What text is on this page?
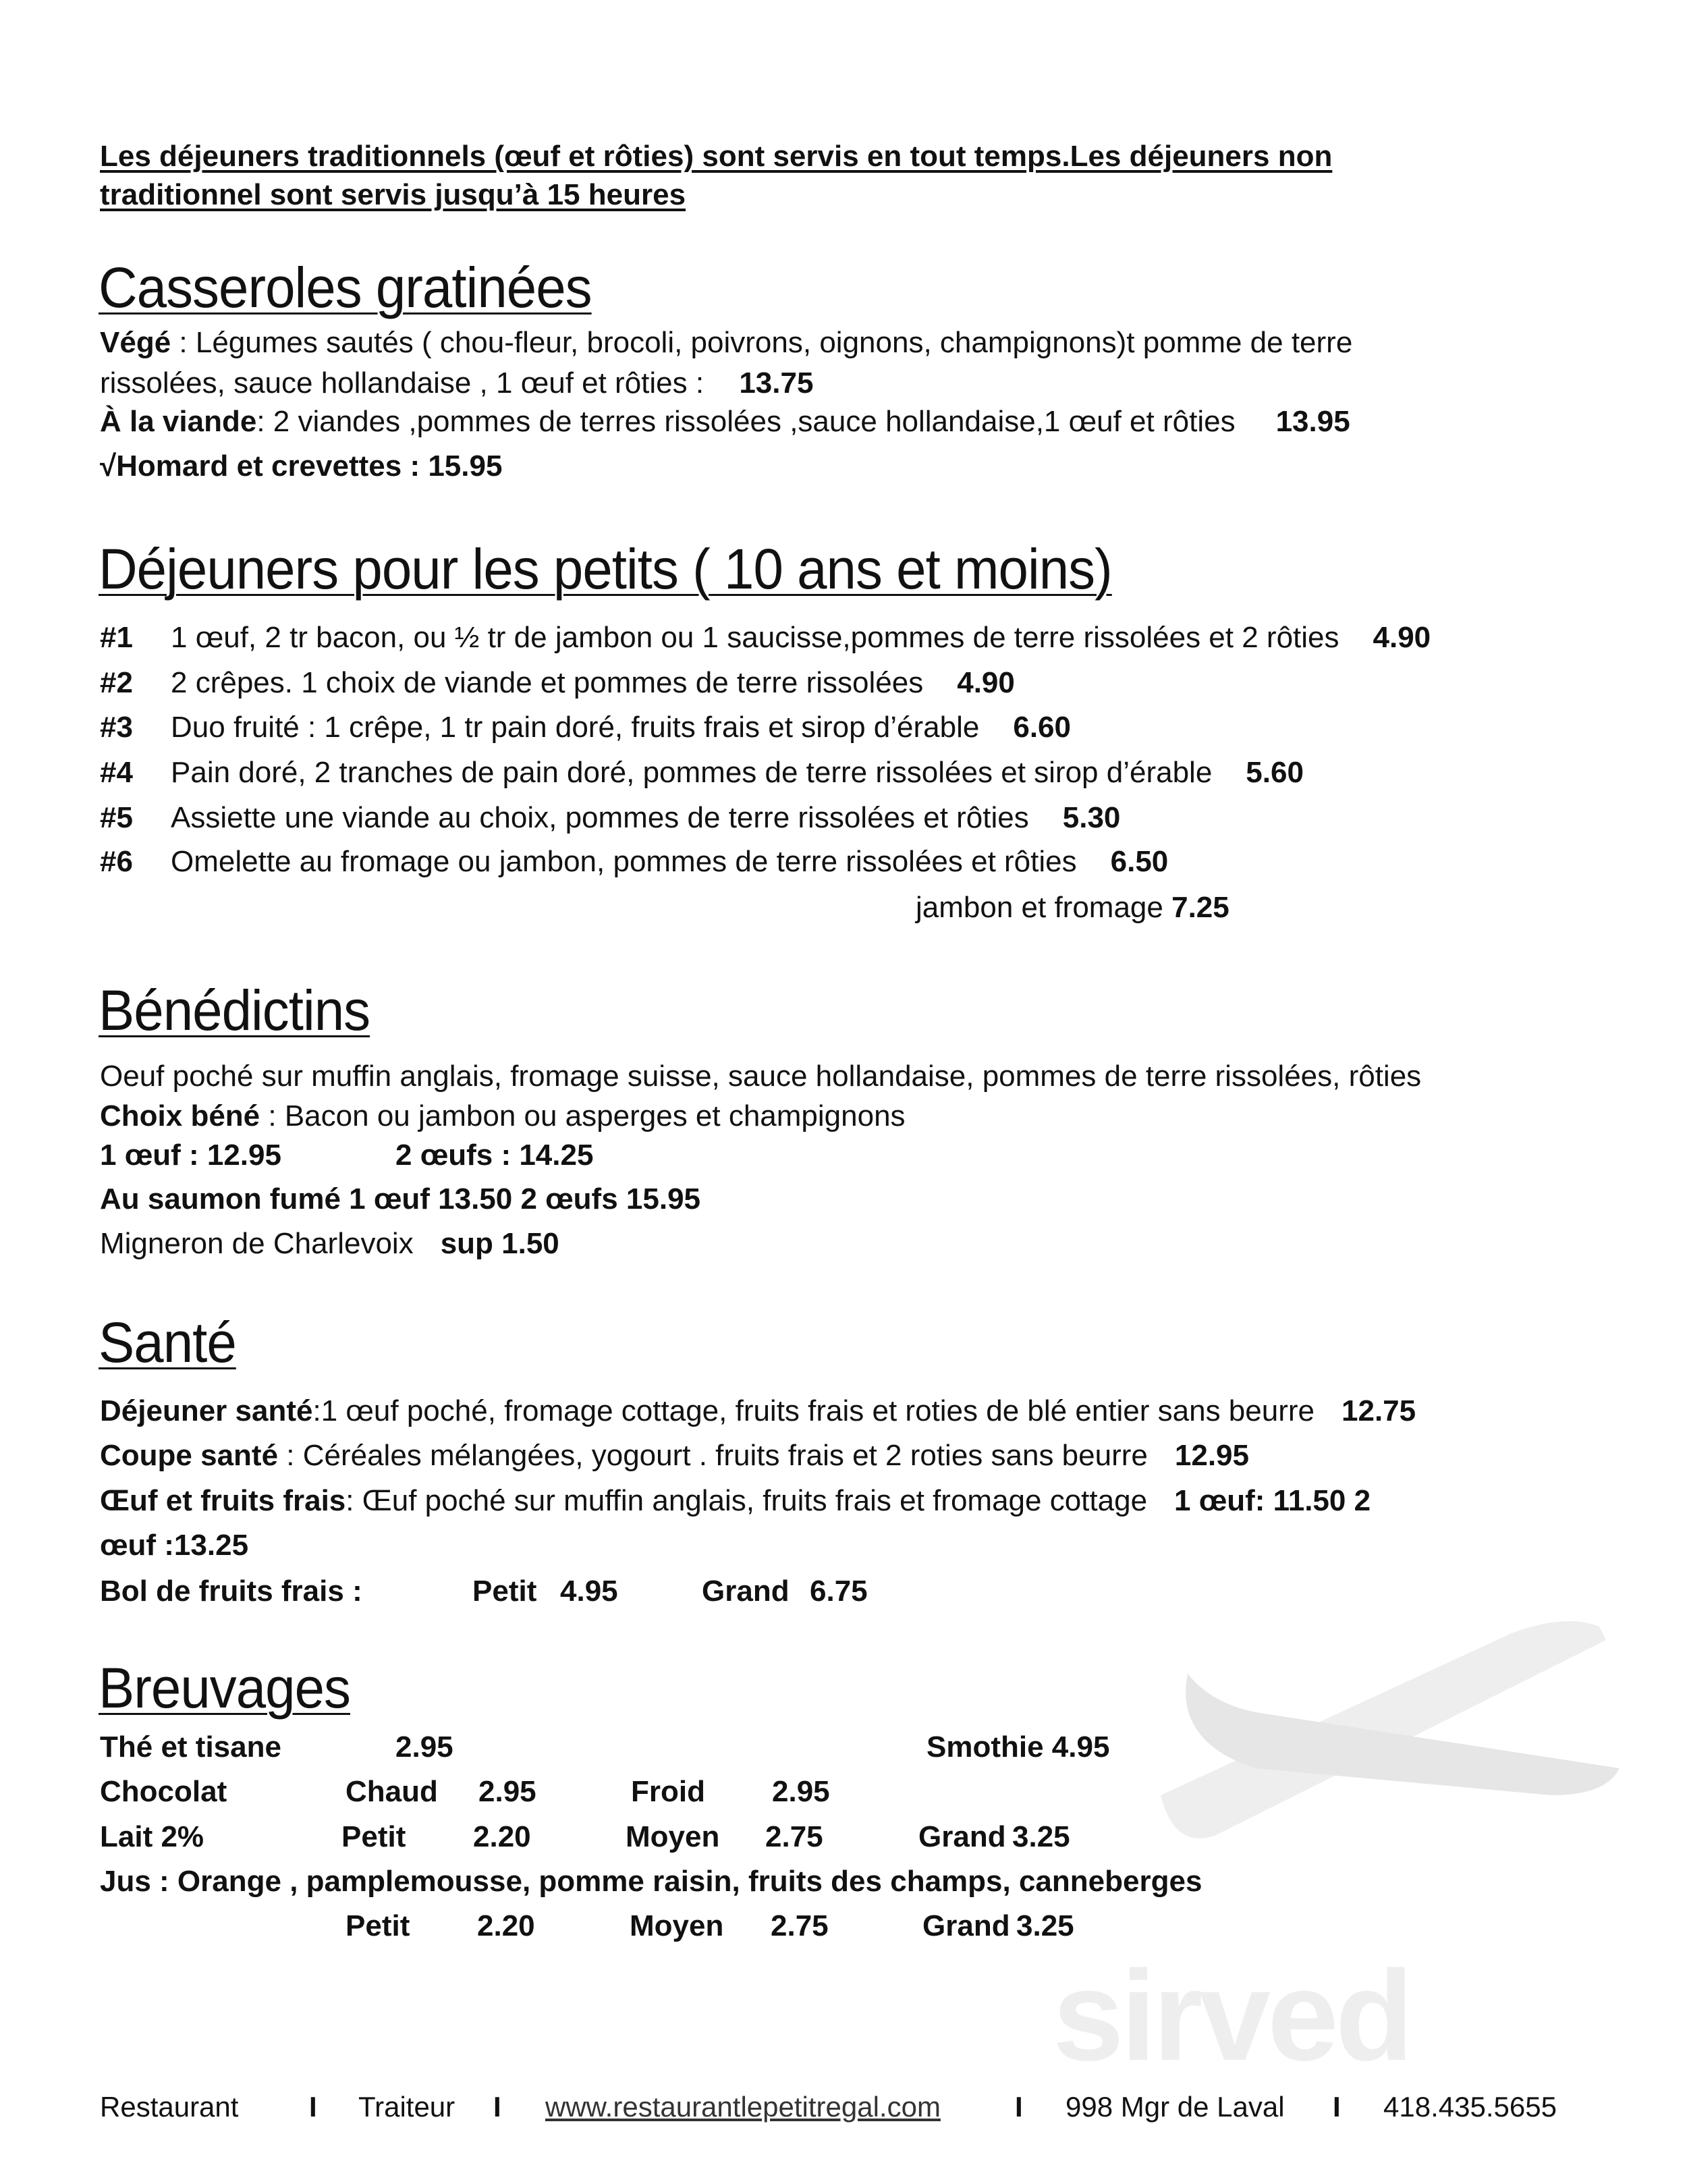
sirved
Les déjeuners traditionnels (œuf et rôties) sont servis en tout temps.Les déjeuners non
traditionnel sont servis jusqu’à 15 heures
Casseroles gratinées
Végé : Légumes sautés ( chou-fleur, brocoli, poivrons, oignons, champignons)t pomme de terre
rissolées, sauce hollandaise , 1 œuf et rôties : 13.75
À la viande: 2 viandes ,pommes de terres rissolées ,sauce hollandaise,1 œuf et rôties 13.95
√Homard et crevettes : 15.95
Déjeuners pour les petits ( 10 ans et moins)
#1 1 œuf, 2 tr bacon, ou ½ tr de jambon ou 1 saucisse,pommes de terre rissolées et 2 rôties 4.90
#2 2 crêpes. 1 choix de viande et pommes de terre rissolées 4.90
#3 Duo fruité : 1 crêpe, 1 tr pain doré, fruits frais et sirop d’érable 6.60
#4 Pain doré, 2 tranches de pain doré, pommes de terre rissolées et sirop d’érable 5.60
#5 Assiette une viande au choix, pommes de terre rissolées et rôties 5.30
#6 Omelette au fromage ou jambon, pommes de terre rissolées et rôties 6.50
jambon et fromage 7.25
Bénédictins
Oeuf poché sur muffin anglais, fromage suisse, sauce hollandaise, pommes de terre rissolées, rôties
Choix béné : Bacon ou jambon ou asperges et champignons
1 œuf : 12.95	2 œufs : 14.25
Au saumon fumé 1 œuf 13.50 2 œufs 15.95
Migneron de Charlevoix sup 1.50
Santé
Déjeuner santé:1 œuf poché, fromage cottage, fruits frais et roties de blé entier sans beurre 12.75
Coupe santé : Céréales mélangées, yogourt . fruits frais et 2 roties sans beurre 12.95
Œuf et fruits frais: Œuf poché sur muffin anglais, fruits frais et fromage cottage 1 œuf: 11.50 2
œuf :13.25
Bol de fruits frais :	Petit 4.95	Grand 6.75
Breuvages
Thé et tisane	2.95	Smothie 4.95
Chocolat	Chaud 2.95	Froid 2.95
Lait 2%	Petit 2.20	Moyen 2.75	Grand 3.25
Jus : Orange , pamplemousse, pomme raisin, fruits des champs, canneberges
Petit 2.20	Moyen 2.75	Grand 3.25
Restaurant I Traiteur I www.restaurantlepetitregal.com	I 998 Mgr de Laval I 418.435.5655
